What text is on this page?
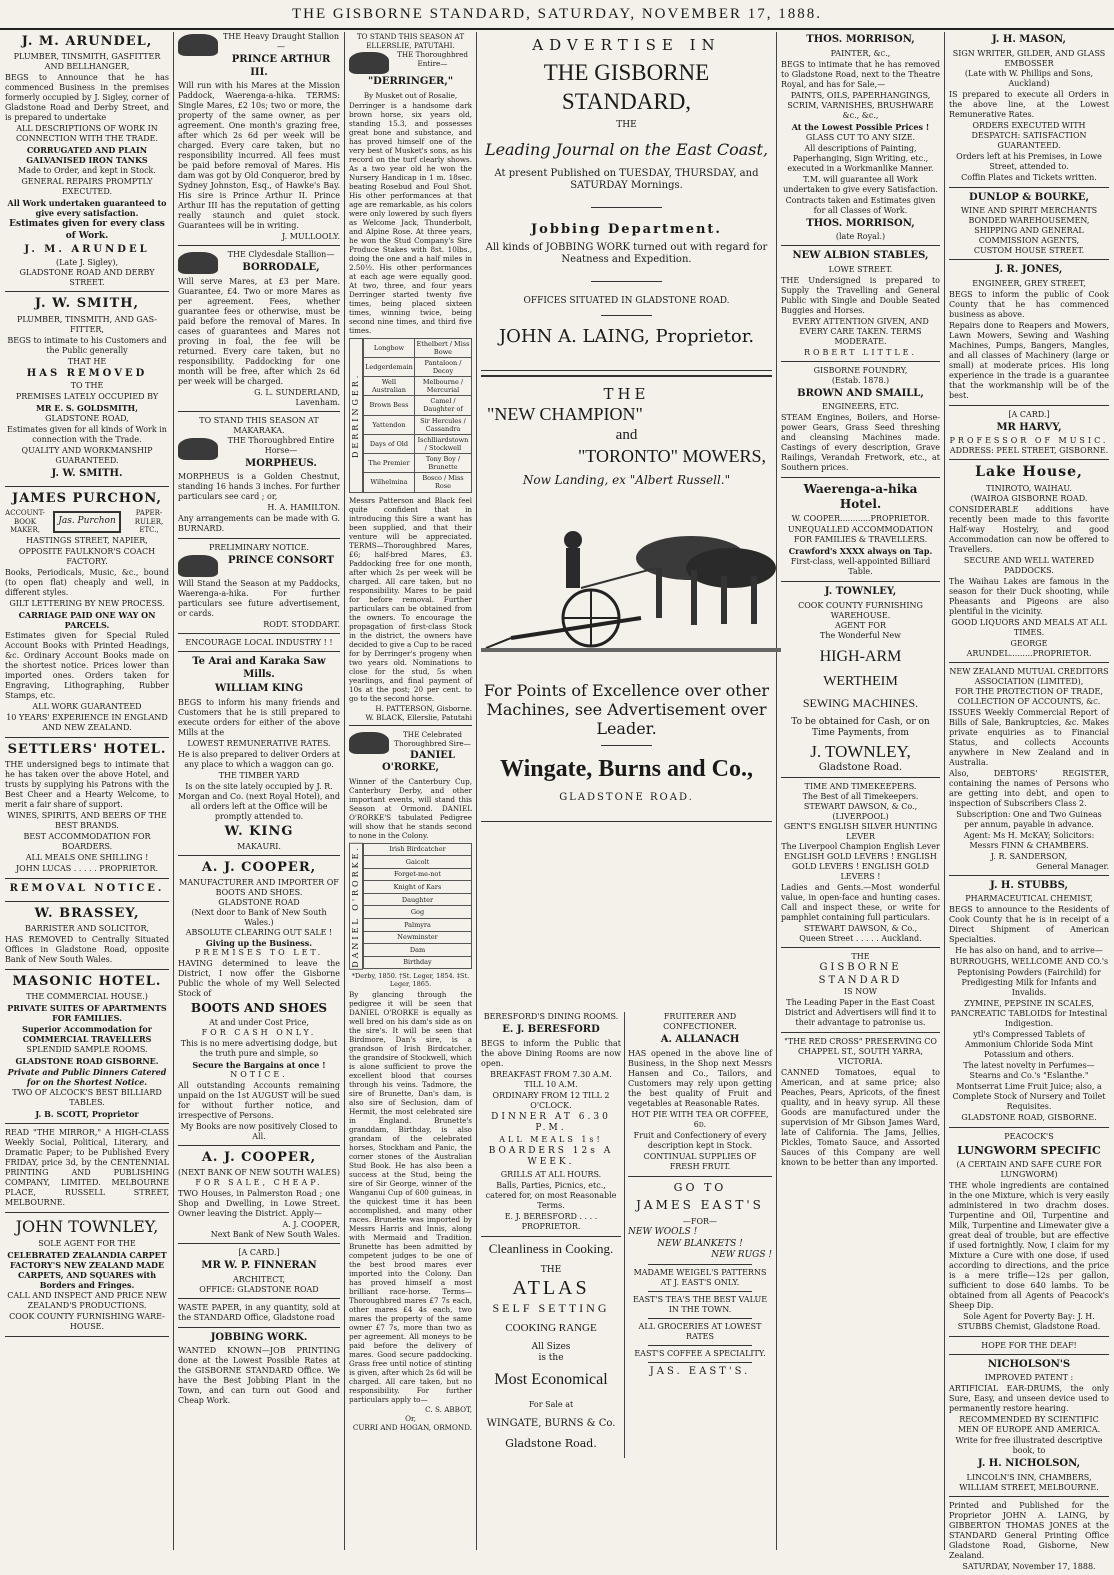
THE GISBORNE STANDARD, SATURDAY, NOVEMBER 17, 1888.
J. M. ARUNDEL,
PLUMBER, TINSMITH, GASFITTER AND BELLHANGER,

BEGS to Announce that he has commenced Business in the premises formerly occupied by J. Sigley, corner of Gladstone Road and Derby Street, and is prepared to undertake

ALL DESCRIPTIONS OF WORK IN CONNECTION WITH THE TRADE.

CORRUGATED AND PLAIN GALVANISED IRON TANKS

Made to Order, and kept in Stock.

GENERAL REPAIRS PROMPTLY EXECUTED.

All Work undertaken guaranteed to give every satisfaction.

Estimates given for every class of Work.

J. M. ARUNDEL
(Late J. Sigley),
GLADSTONE ROAD AND DERBY STREET.
J. W. SMITH,
PLUMBER, TINSMITH, AND GAS-FITTER,

BEGS to intimate to his Customers and the Public generally

THAT HE

HAS REMOVED

TO THE

PREMISES LATELY OCCUPIED BY

MR E. S. GOLDSMITH,

GLADSTONE ROAD,

Estimates given for all kinds of Work in connection with the Trade.

QUALITY AND WORKMANSHIP GUARANTEED.

J. W. SMITH.
JAMES PURCHON,
ACCOUNT-BOOK MAKER,
Jas. Purchon
PAPER-RULER, ETC.,

HASTINGS STREET, NAPIER,

OPPOSITE FAULKNOR'S COACH FACTORY.

Books, Periodicals, Music, &c., bound (to open flat) cheaply and well, in different styles.

GILT LETTERING BY NEW PROCESS.

CARRIAGE PAID ONE WAY ON PARCELS.

Estimates given for Special Ruled Account Books with Printed Headings, &c. Ordinary Account Books made on the shortest notice. Prices lower than imported ones. Orders taken for Engraving, Lithographing, Rubber Stamps, etc.

ALL WORK GUARANTEED

10 YEARS' EXPERIENCE IN ENGLAND AND NEW ZEALAND.

SETTLERS' HOTEL.

THE undersigned begs to intimate that he has taken over the above Hotel, and trusts by supplying his Patrons with the Best Cheer and a Hearty Welcome, to merit a fair share of support.

WINES, SPIRITS, AND BEERS OF THE BEST BRANDS.

BEST ACCOMMODATION FOR BOARDERS.

ALL MEALS ONE SHILLING !

JOHN LUCAS . . . . . PROPRIETOR.

REMOVAL NOTICE.
W. BRASSEY,
BARRISTER AND SOLICITOR,

HAS REMOVED to Centrally Situated Offices in Gladstone Road, opposite Bank of New South Wales.

MASONIC HOTEL.
THE COMMERCIAL HOUSE.)

PRIVATE SUITES OF APARTMENTS FOR FAMILIES.

Superior Accommodation for COMMERCIAL TRAVELLERS

SPLENDID SAMPLE ROOMS.

GLADSTONE ROAD GISBORNE.

Private and Public Dinners Catered for on the Shortest Notice.

TWO OF ALCOCK'S BEST BILLIARD TABLES.

J. B. SCOTT, Proprietor

READ "THE MIRROR," A HIGH-CLASS Weekly Social, Political, Literary, and Dramatic Paper; to be Published Every FRIDAY, price 3d, by the CENTENNIAL PRINTING AND PUBLISHING COMPANY, LIMITED. MELBOURNE PLACE, RUSSELL STREET, MELBOURNE.

JOHN TOWNLEY,
SOLE AGENT FOR THE

CELEBRATED ZEALANDIA CARPET FACTORY'S NEW ZEALAND MADE CARPETS, AND SQUARES with Borders and Fringes.

CALL AND INSPECT AND PRICE NEW ZEALAND'S PRODUCTIONS.

COOK COUNTY FURNISHING WARE-HOUSE.

THE Heavy Draught Stallion—
PRINCE ARTHUR III.

Will run with his Mares at the Mission Paddock, Waerenga-a-hika. TERMS: Single Mares, £2 10s; two or more, the property of the same owner, as per agreement. One month's grazing free, after which 2s 6d per week will be charged. Every care taken, but no responsibility incurred. All fees must be paid before removal of Mares. His dam was got by Old Conqueror, bred by Sydney Johnston, Esq., of Hawke's Bay. His sire is Prince Arthur II. Prince Arthur III has the reputation of getting really staunch and quiet stock. Guarantees will be in writing.

J. MULLOOLY.
THE Clydesdale Stallion—
BORRODALE,

Will serve Mares, at £3 per Mare. Guarantee, £4. Two or more Mares as per agreement. Fees, whether guarantee fees or otherwise, must be paid before the removal of Mares. In cases of guarantees and Mares not proving in foal, the fee will be returned. Every care taken, but no responsibility. Paddocking for one month will be free, after which 2s 6d per week will be charged.

G. L. SUNDERLAND,
Lavenham.
TO STAND THIS SEASON AT MAKARAKA.
THE Thoroughbred Entire Horse—
MORPHEUS.

MORPHEUS is a Golden Chestnut, standing 16 hands 3 inches. For further particulars see card ; or,

H. A. HAMILTON.

Any arrangements can be made with G. BURNARD.

PRELIMINARY NOTICE.
PRINCE CONSORT

Will Stand the Season at my Paddocks, Waerenga-a-hika. For further particulars see future advertisement, or cards.

RODT. STODDART.
ENCOURAGE LOCAL INDUSTRY ! !
Te Arai and Karaka Saw Mills.
WILLIAM KING

BEGS to inform his many friends and Customers that he is still prepared to execute orders for either of the above Mills at the

LOWEST REMUNERATIVE RATES.

He is also prepared to deliver Orders at any place to which a waggon can go.

THE TIMBER YARD

Is on the site lately occupied by J. R. Morgan and Co. (next Royal Hotel), and all orders left at the Office will be promptly attended to.

W. KING
MAKAURI.
A. J. COOPER,
MANUFACTURER AND IMPORTER OF BOOTS AND SHOES.
GLADSTONE ROAD
(Next door to Bank of New South Wales.)
ABSOLUTE CLEARING OUT SALE !
Giving up the Business.
PREMISES TO LET.

HAVING determined to leave the District, I now offer the Gisborne Public the whole of my Well Selected Stock of

BOOTS AND SHOES
At and under Cost Price,
FOR CASH ONLY.

This is no mere advertising dodge, but the truth pure and simple, so

Secure the Bargains at once !
NOTICE.

All outstanding Accounts remaining unpaid on the 1st AUGUST will be sued for without further notice, and irrespective of Persons.

My Books are now positively Closed to All.
A. J. COOPER,
(NEXT BANK OF NEW SOUTH WALES)
FOR SALE, CHEAP.

TWO Houses, in Palmerston Road ; one Shop and Dwelling, in Lowe Street. Owner leaving the District. Apply—

A. J. COOPER,
Next Bank of New South Wales.
[A CARD.]
MR W. P. FINNERAN
ARCHITECT,
OFFICE: GLADSTONE ROAD

WASTE PAPER, in any quantity, sold at the STANDARD Office, Gladstone road

JOBBING WORK.

WANTED KNOWN—JOB PRINTING done at the Lowest Possible Rates at the GISBORNE STANDARD Office. We have the Best Jobbing Plant in the Town, and can turn out Good and Cheap Work.

TO STAND THIS SEASON AT ELLERSLIE, PATUTAHI.
THE Thoroughbred Entire—
"DERRINGER,"
By Musket out of Rosalie,

Derringer is a handsome dark brown horse, six years old, standing 15.3, and possesses great bone and substance, and has proved himself one of the very best of Musket's sons, as his record on the turf clearly shows. As a two year old he won the Nursery Handicap in 1 m. 18sec. beating Rosebud and Foul Shot. His other performances at that age are remarkable, as his colors were only lowered by such flyers as Welcome Jack, Thunderbolt, and Alpine Rose. At three years, he won the Stud Company's Sire Produce Stakes with 8st. 10lbs., doing the one and a half miles in 2.50½. His other performances at each age were equally good. At two, three, and four years Derringer started twenty five times, being placed sixteen times, winning twice, being second nine times, and third five times.

DERRINGER.
Longbow	Ethelbert / Miss Bowe
Ledgerdemain	Pantaloon / Decoy
Well Australian	Melbourne / Mercurial
Brown Bess	Camel / Daughter of
Yattendon	Sir Hercules / Cassandra
Days of Old	Ischlliardstown / Stockwell
The Premier	Tony Boy / Brunette
Wilhelmina	Bosco / Miss Rose

Messrs Patterson and Black feel quite confident that in introducing this Sire a want has been supplied, and that their venture will be appreciated. TERMS—Thoroughbred Mares, £6; half-bred Mares, £3. Paddocking free for one month, after which 2s per week will be charged. All care taken, but no responsibility. Mares to be paid for before removal. Further particulars can be obtained from the owners. To encourage the propagation of first-class Stock in the district, the owners have decided to give a Cup to be raced for by Derringer's progeny when two years old. Nominations to close for the stud, 5s when yearlings, and final payment of 10s at the post; 20 per cent. to go to the second horse.

H. PATTERSON, Gisborne.
W. BLACK, Ellerslie, Patutahi
THE Celebrated Thoroughbred Sire—
DANIEL O'RORKE,

Winner of the Canterbury Cup, Canterbury Derby, and other important events, will stand this Season at Ormond. DANIEL O'RORKE'S tabulated Pedigree will show that he stands second to none in the Colony.

DANIEL O'RORKE.	Irish Birdcatcher
Gaicolt
Forget-me-not
Knight of Kars
Daughter
Gog
Palmyra
Newminster
Dam
Birthday
*Derby, 1850. †St. Leger, 1854. ‡St. Leger, 1865.

By glancing through the pedigree it will be seen that DANIEL O'RORKE is equally as well bred on his dam's side as on the sire's. It will be seen that Birdmore, Dan's sire, is a grandson of Irish Birdcatcher, the grandsire of Stockwell, which is alone sufficient to prove the excellent blood that courses through his veins. Tadmore, the sire of Brunette, Dan's dam, is also sire of Seclusion, dam of Hermit, the most celebrated sire in England. Brunette's granddam, Birthday, is also grandam of the celebrated horses, Stockham and Panic, the corner stones of the Australian Stud Book. He has also been a success at the Stud, being the sire of Sir George, winner of the Wanganui Cup of 600 guineas, in the quickest time it has been accomplished, and many other races. Brunette was imported by Messrs Harris and Innis, along with Mermaid and Tradition. Brunette has been admitted by competent judges to be one of the best brood mares ever imported into the Colony. Dan has proved himself a most brilliant race-horse. Terms—Thoroughbred mares £7 7s each, other mares £4 4s each, two mares the property of the same owner £7 7s, more than two as per agreement. All moneys to be paid before the delivery of mares. Good secure paddocking. Grass free until notice of stinting is given, after which 2s 6d will be charged. All care taken, but no responsibility. For further particulars apply to—

C. S. ABBOT,
Or,
CURRI AND HOGAN, ORMOND.
ADVERTISE IN
THE GISBORNE STANDARD,
THE
Leading Journal on the East Coast,
At present Published on TUESDAY, THURSDAY, and SATURDAY Mornings.
Jobbing Department.
All kinds of JOBBING WORK turned out with regard for Neatness and Expedition.
OFFICES SITUATED IN GLADSTONE ROAD.
JOHN A. LAING, Proprietor.
THE
"NEW CHAMPION"
and
"TORONTO" MOWERS,
Now Landing, ex "Albert Russell."
For Points of Excellence over other Machines, see Advertisement over Leader.
Wingate, Burns and Co.,
GLADSTONE ROAD.
BERESFORD'S DINING ROOMS.
E. J. BERESFORD

BEGS to inform the Public that the above Dining Rooms are now open.

BREAKFAST FROM 7.30 A.M. TILL 10 A.M.

ORDINARY FROM 12 TILL 2 O'CLOCK.

DINNER AT 6.30 P.M.

ALL MEALS 1s!

BOARDERS 12s A WEEK.

GRILLS AT ALL HOURS.

Balls, Parties, Picnics, etc., catered for, on most Reasonable Terms.

E. J. BERESFORD . . . . PROPRIETOR.

Cleanliness in Cooking.
THE
ATLAS
SELF SETTING
COOKING RANGE
All Sizes
is the
Most Economical
For Sale at
WINGATE, BURNS & Co.
Gladstone Road.
FRUITERER AND CONFECTIONER.
A. ALLANACH

HAS opened in the above line of Business, in the Shop next Messrs Hansen and Co., Tailors, and Customers may rely upon getting the best quality of Fruit and vegetables at Reasonable Rates.

HOT PIE WITH TEA OR COFFEE, 6d.

Fruit and Confectionery of every description kept in Stock.

CONTINUAL SUPPLIES OF FRESH FRUIT.

GO TO
JAMES EAST'S
—FOR—
NEW WOOLS !
NEW BLANKETS !
NEW RUGS !
MADAME WEIGEL'S PATTERNS AT J. EAST'S ONLY.
EAST'S TEA'S THE BEST VALUE IN THE TOWN.
ALL GROCERIES AT LOWEST RATES
EAST'S COFFEE A SPECIALITY.
JAS. EAST'S.
THOS. MORRISON,
PAINTER, &c.,

BEGS to intimate that he has removed to Gladstone Road, next to the Theatre Royal, and has for Sale,—

PAINTS, OILS, PAPERHANGINGS, SCRIM, VARNISHES, BRUSHWARE &c., &c.,

At the Lowest Possible Prices !

GLASS CUT TO ANY SIZE.

All descriptions of Painting, Paperhanging, Sign Writing, etc., executed in a Workmanlike Manner.

T.M. will guarantee all Work undertaken to give every Satisfaction.

Contracts taken and Estimates given for all Classes of Work.

THOS. MORRISON,
(late Royal.)
NEW ALBION STABLES,
LOWE STREET.

THE Undersigned is prepared to Supply the Travelling and General Public with Single and Double Seated Buggies and Horses.

EVERY ATTENTION GIVEN, AND EVERY CARE TAKEN. TERMS MODERATE.

ROBERT LITTLE.
GISBORNE FOUNDRY,
(Estab. 1878.)
BROWN AND SMAILL,
ENGINEERS, ETC.

STEAM Engines, Boilers, and Horse-power Gears, Grass Seed threshing and cleansing Machines made. Castings of every description, Grave Railings, Verandah Fretwork, etc., at Southern prices.

Waerenga-a-hika Hotel.
W. COOPER............PROPRIETOR.

UNEQUALLED ACCOMMODATION FOR FAMILIES & TRAVELLERS.

Crawford's XXXX always on Tap.

First-class, well-appointed Billiard Table.

J. TOWNLEY,
COOK COUNTY FURNISHING WAREHOUSE.
AGENT FOR
The Wonderful New
HIGH-ARM
WERTHEIM
SEWING MACHINES.

To be obtained for Cash, or on Time Payments, from

J. TOWNLEY,
Gladstone Road.
TIME AND TIMEKEEPERS.
The Best of all Timekeepers.
STEWART DAWSON, & Co., (LIVERPOOL)
GENT'S ENGLISH SILVER HUNTING LEVER
The Liverpool Champion English Lever
ENGLISH GOLD LEVERS ! ENGLISH GOLD LEVERS ! ENGLISH GOLD LEVERS !

Ladies and Gents.—Most wonderful value, in open-face and hunting cases. Call and inspect these, or write for pamphlet containing full particulars.

STEWART DAWSON, & Co.,
Queen Street . . . . . Auckland.
THE
GISBORNE STANDARD
IS NOW

The Leading Paper in the East Coast District and Advertisers will find it to their advantage to patronise us.

"THE RED CROSS" PRESERVING CO
CHAPPEL ST., SOUTH YARRA, VICTORIA.

CANNED Tomatoes, equal to American, and at same price; also Peaches, Pears, Apricots, of the finest quality, and in heavy syrup. All these Goods are manufactured under the supervision of Mr Gibson James Ward, late of California. The Jams, Jellies, Pickles, Tomato Sauce, and Assorted Sauces of this Company are well known to be better than any imported.

J. H. MASON,
SIGN WRITER, GILDER, AND GLASS EMBOSSER
(Late with W. Phillips and Sons, Auckland)

IS prepared to execute all Orders in the above line, at the Lowest Remunerative Rates.

ORDERS EXECUTED WITH DESPATCH: SATISFACTION GUARANTEED.

Orders left at his Premises, in Lowe Street, attended to.

Coffin Plates and Tickets written.

DUNLOP & BOURKE,
WINE AND SPIRIT MERCHANTS
BONDED WAREHOUSEMEN,
SHIPPING AND GENERAL COMMISSION AGENTS,
CUSTOM HOUSE STREET.
J. R. JONES,
ENGINEER, GREY STREET,

BEGS to inform the public of Cook County that he has commenced business as above.

Repairs done to Reapers and Mowers, Lawn Mowers, Sewing and Washing Machines, Pumps, Bangers, Mangles, and all classes of Machinery (large or small) at moderate prices. His long experience in the trade is a guarantee that the workmanship will be of the best.

[A CARD.]
MR HARVY,
PROFESSOR OF MUSIC.
ADDRESS: PEEL STREET, GISBORNE.
Lake House,
TINIROTO, WAIHAU.
(WAIROA GISBORNE ROAD.

CONSIDERABLE additions have recently been made to this favorite Half-way Hostelry, and good Accommodation can now be offered to Travellers.

SECURE AND WELL WATERED PADDOCKS.

The Waihau Lakes are famous in the season for their Duck shooting, while Pheasants and Pigeons are also plentiful in the vicinity.

GOOD LIQUORS AND MEALS AT ALL TIMES.

GEORGE ARUNDEL.........PROPRIETOR.
NEW ZEALAND MUTUAL CREDITORS ASSOCIATION (LIMITED),
FOR THE PROTECTION OF TRADE, COLLECTION OF ACCOUNTS, &c.

ISSUES Weekly Commercial Report of Bills of Sale, Bankruptcies, &c. Makes private enquiries as to Financial Status, and collects Accounts anywhere in New Zealand and in Australia.

Also, DEBTORS' REGISTER, containing the names of Persons who are getting into debt, and open to inspection of Subscribers Class 2.

Subscription: One and Two Guineas per annum, payable in advance.

Agent: Ms H. McKAY; Solicitors: Messrs FINN & CHAMBERS.

J. R. SANDERSON,
General Manager.
J. H. STUBBS,
PHARMACEUTICAL CHEMIST,

BEGS to announce to the Residents of Cook County that he is in receipt of a Direct Shipment of American Specialties.

He has also on hand, and to arrive—

BURROUGHS, WELLCOME AND CO.'s

Peptonising Powders (Fairchild) for Predigesting Milk for Infants and Invalids.

ZYMINE, PEPSINE IN SCALES, PANCREATIC TABLOIDS for Intestinal Indigestion.

ytl's Compressed Tablets of Ammonium Chloride Soda Mint Potassium and others.

The latest novelty in Perfumes—Stearns and Co.'s "Eslanthe."

Montserrat Lime Fruit Juice; also, a Complete Stock of Nursery and Toilet Requisites.

GLADSTONE ROAD, GISBORNE.

PEACOCK'S
LUNGWORM SPECIFIC
(A CERTAIN AND SAFE CURE FOR LUNGWORM)

THE whole ingredients are contained in the one Mixture, which is very easily administered in two drachm doses. Turpentine and Oil, Turpentine and Milk, Turpentine and Limewater give a great deal of trouble, but are effective if used fortnightly. Now, I claim for my Mixture a Cure with one dose, if used according to directions, and the price is a mere trifle—12s per gallon, sufficient to dose 640 lambs. To be obtained from all Agents of Peacock's Sheep Dip.

Sole Agent for Poverty Bay: J. H. STUBBS Chemist, Gladstone Road.

HOPE FOR THE DEAF!
NICHOLSON'S
IMPROVED PATENT :

ARTIFICIAL EAR-DRUMS, the only Sure, Easy, and unseen device used to permanently restore hearing.

RECOMMENDED BY SCIENTIFIC MEN OF EUROPE AND AMERICA.

Write for free illustrated descriptive book, to

J. H. NICHOLSON,
LINCOLN'S INN, CHAMBERS,
WILLIAM STREET, MELBOURNE.

Printed and Published for the Proprietor JOHN A. LAING, by GIBBERTON THOMAS JONES at the STANDARD General Printing Office Gladstone Road, Gisborne, New Zealand.

SATURDAY, November 17, 1888.
